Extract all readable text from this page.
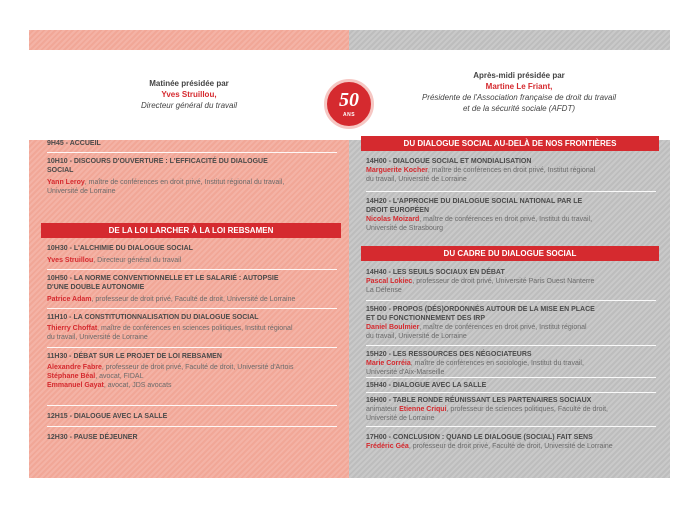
Matinée présidée par
Yves Struillou,
Directeur général du travail	50
ANS
Après-midi présidée par
Martine Le Friant,
Présidente de l'Association française de droit du travail
et de la sécurité sociale (AFDT)
9H45 - ACCUEIL
10H10 - DISCOURS D'OUVERTURE : L'EFFICACITÉ DU DIALOGUE
SOCIAL
Yann Leroy, maître de conférences en droit privé, Institut régional du travail,
Université de Lorraine
DE LA LOI LARCHER À LA LOI REBSAMEN
10H30 - L'ALCHIMIE DU DIALOGUE SOCIAL
Yves Struillou, Directeur général du travail
10H50 - LA NORME CONVENTIONNELLE ET LE SALARIÉ : AUTOPSIE
D'UNE DOUBLE AUTONOMIE
Patrice Adam, professeur de droit privé, Faculté de droit, Université de Lorraine
11H10 - LA CONSTITUTIONNALISATION DU DIALOGUE SOCIAL
Thierry Choffat, maître de conférences en sciences politiques, Institut régional
du travail, Université de Lorraine
11H30 - DÉBAT SUR LE PROJET DE LOI REBSAMEN
Alexandre Fabre, professeur de droit privé, Faculté de droit, Université d'Artois
Stéphane Béal, avocat, FIDAL
Emmanuel Gayat, avocat, JDS avocats
12H15 - DIALOGUE AVEC LA SALLE
12H30 - PAUSE DÉJEUNER
DU DIALOGUE SOCIAL AU-DELÀ DE NOS FRONTIÈRES
14H00 - DIALOGUE SOCIAL ET MONDIALISATION
Marguerite Kocher, maître de conférences en droit privé, Institut régional
du travail, Université de Lorraine
14H20 - L'APPROCHE DU DIALOGUE SOCIAL NATIONAL PAR LE
DROIT EUROPÉEN
Nicolas Moizard, maître de conférences en droit privé, Institut du travail,
Université de Strasbourg
DU CADRE DU DIALOGUE SOCIAL
14H40 - LES SEUILS SOCIAUX EN DÉBAT
Pascal Lokiec, professeur de droit privé, Université Paris Ouest Nanterre
La Défense
15H00 - PROPOS (DÉS)ORDONNÉS AUTOUR DE LA MISE EN PLACE
ET DU FONCTIONNEMENT DES IRP
Daniel Boulmier, maître de conférences en droit privé, Institut régional
du travail, Université de Lorraine
15H20 - LES RESSOURCES DES NÉGOCIATEURS
Marie Corréia, maître de conférences en sociologie, Institut du travail,
Université d'Aix-Marseille
15H40 - DIALOGUE AVEC LA SALLE
16H00 - TABLE RONDE RÉUNISSANT LES PARTENAIRES SOCIAUX
animateur Etienne Criqui, professeur de sciences politiques, Faculté de droit,
Université de Lorraine
17H00 - CONCLUSION : QUAND LE DIALOGUE (SOCIAL) FAIT SENS
Frédéric Géa, professeur de droit privé, Faculté de droit, Université de Lorraine
